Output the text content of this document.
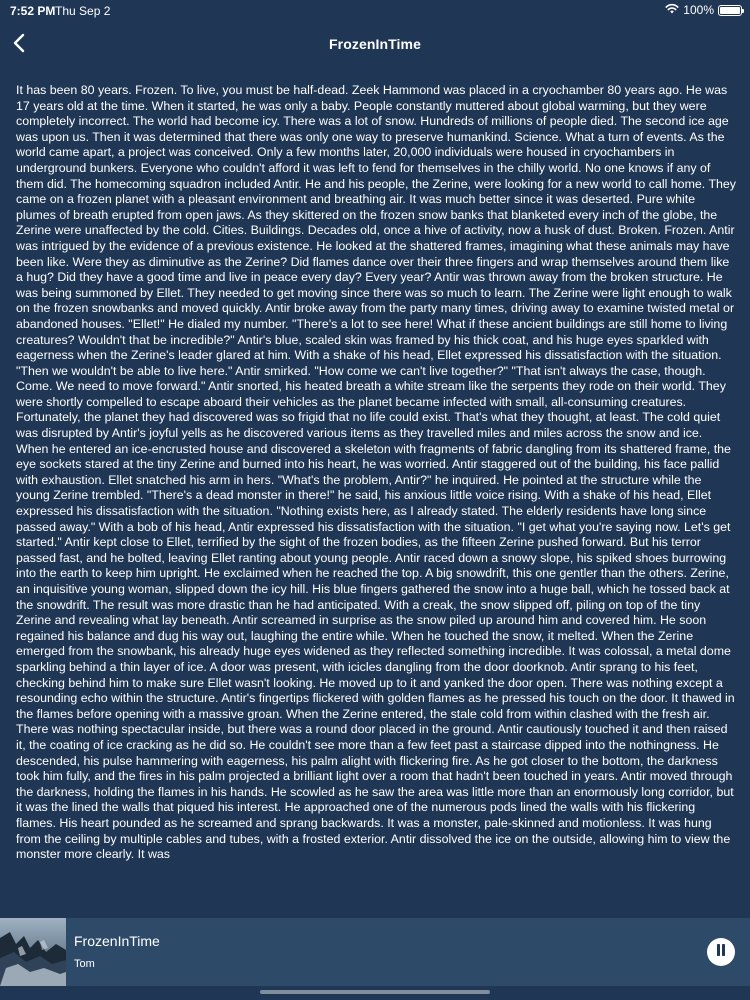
7:52 PM Thu Sep 2	100%
FrozenInTime

It has been 80 years. Frozen. To live, you must be half-dead. Zeek Hammond was placed in a cryochamber 80 years ago. He was 17 years old at the time. When it started, he was only a baby. People constantly muttered about global warming, but they were completely incorrect. The world had become icy. There was a lot of snow. Hundreds of millions of people died. The second ice age was upon us. Then it was determined that there was only one way to preserve humankind. Science. What a turn of events. As the world came apart, a project was conceived. Only a few months later, 20,000 individuals were housed in cryochambers in underground bunkers. Everyone who couldn't afford it was left to fend for themselves in the chilly world. No one knows if any of them did. The homecoming squadron included Antir. He and his people, the Zerine, were looking for a new world to call home. They came on a frozen planet with a pleasant environment and breathing air. It was much better since it was deserted. Pure white plumes of breath erupted from open jaws. As they skittered on the frozen snow banks that blanketed every inch of the globe, the Zerine were unaffected by the cold. Cities. Buildings. Decades old, once a hive of activity, now a husk of dust. Broken. Frozen. Antir was intrigued by the evidence of a previous existence. He looked at the shattered frames, imagining what these animals may have been like. Were they as diminutive as the Zerine? Did flames dance over their three fingers and wrap themselves around them like a hug? Did they have a good time and live in peace every day? Every year? Antir was thrown away from the broken structure. He was being summoned by Ellet. They needed to get moving since there was so much to learn. The Zerine were light enough to walk on the frozen snowbanks and moved quickly. Antir broke away from the party many times, driving away to examine twisted metal or abandoned houses. "Ellet!" He dialed my number. "There's a lot to see here! What if these ancient buildings are still home to living creatures? Wouldn't that be incredible?" Antir's blue, scaled skin was framed by his thick coat, and his huge eyes sparkled with eagerness when the Zerine's leader glared at him. With a shake of his head, Ellet expressed his dissatisfaction with the situation. "Then we wouldn't be able to live here." Antir smirked. "How come we can't live together?" "That isn't always the case, though. Come. We need to move forward." Antir snorted, his heated breath a white stream like the serpents they rode on their world. They were shortly compelled to escape aboard their vehicles as the planet became infected with small, all-consuming creatures. Fortunately, the planet they had discovered was so frigid that no life could exist. That's what they thought, at least. The cold quiet was disrupted by Antir's joyful yells as he discovered various items as they travelled miles and miles across the snow and ice. When he entered an ice-encrusted house and discovered a skeleton with fragments of fabric dangling from its shattered frame, the eye sockets stared at the tiny Zerine and burned into his heart, he was worried. Antir staggered out of the building, his face pallid with exhaustion. Ellet snatched his arm in hers. "What's the problem, Antir?" he inquired. He pointed at the structure while the young Zerine trembled. "There's a dead monster in there!" he said, his anxious little voice rising. With a shake of his head, Ellet expressed his dissatisfaction with the situation. "Nothing exists here, as I already stated. The elderly residents have long since passed away." With a bob of his head, Antir expressed his dissatisfaction with the situation. "I get what you're saying now. Let's get started." Antir kept close to Ellet, terrified by the sight of the frozen bodies, as the fifteen Zerine pushed forward. But his terror passed fast, and he bolted, leaving Ellet ranting about young people. Antir raced down a snowy slope, his spiked shoes burrowing into the earth to keep him upright. He exclaimed when he reached the top. A big snowdrift, this one gentler than the others. Zerine, an inquisitive young woman, slipped down the icy hill. His blue fingers gathered the snow into a huge ball, which he tossed back at the snowdrift. The result was more drastic than he had anticipated. With a creak, the snow slipped off, piling on top of the tiny Zerine and revealing what lay beneath. Antir screamed in surprise as the snow piled up around him and covered him. He soon regained his balance and dug his way out, laughing the entire while. When he touched the snow, it melted. When the Zerine emerged from the snowbank, his already huge eyes widened as they reflected something incredible. It was colossal, a metal dome sparkling behind a thin layer of ice. A door was present, with icicles dangling from the door doorknob. Antir sprang to his feet, checking behind him to make sure Ellet wasn't looking. He moved up to it and yanked the door open. There was nothing except a resounding echo within the structure. Antir's fingertips flickered with golden flames as he pressed his touch on the door. It thawed in the flames before opening with a massive groan. When the Zerine entered, the stale cold from within clashed with the fresh air. There was nothing spectacular inside, but there was a round door placed in the ground. Antir cautiously touched it and then raised it, the coating of ice cracking as he did so. He couldn't see more than a few feet past a staircase dipped into the nothingness. He descended, his pulse hammering with eagerness, his palm alight with flickering fire. As he got closer to the bottom, the darkness took him fully, and the fires in his palm projected a brilliant light over a room that hadn't been touched in years. Antir moved through the darkness, holding the flames in his hands. He scowled as he saw the area was little more than an enormously long corridor, but it was the lined the walls that piqued his interest. He approached one of the numerous pods lined the walls with his flickering flames. His heart pounded as he screamed and sprang backwards. It was a monster, pale-skinned and motionless. It was hung from the ceiling by multiple cables and tubes, with a frosted exterior. Antir dissolved the ice on the outside, allowing him to view the monster more clearly. It was

FrozenInTime
Tom
